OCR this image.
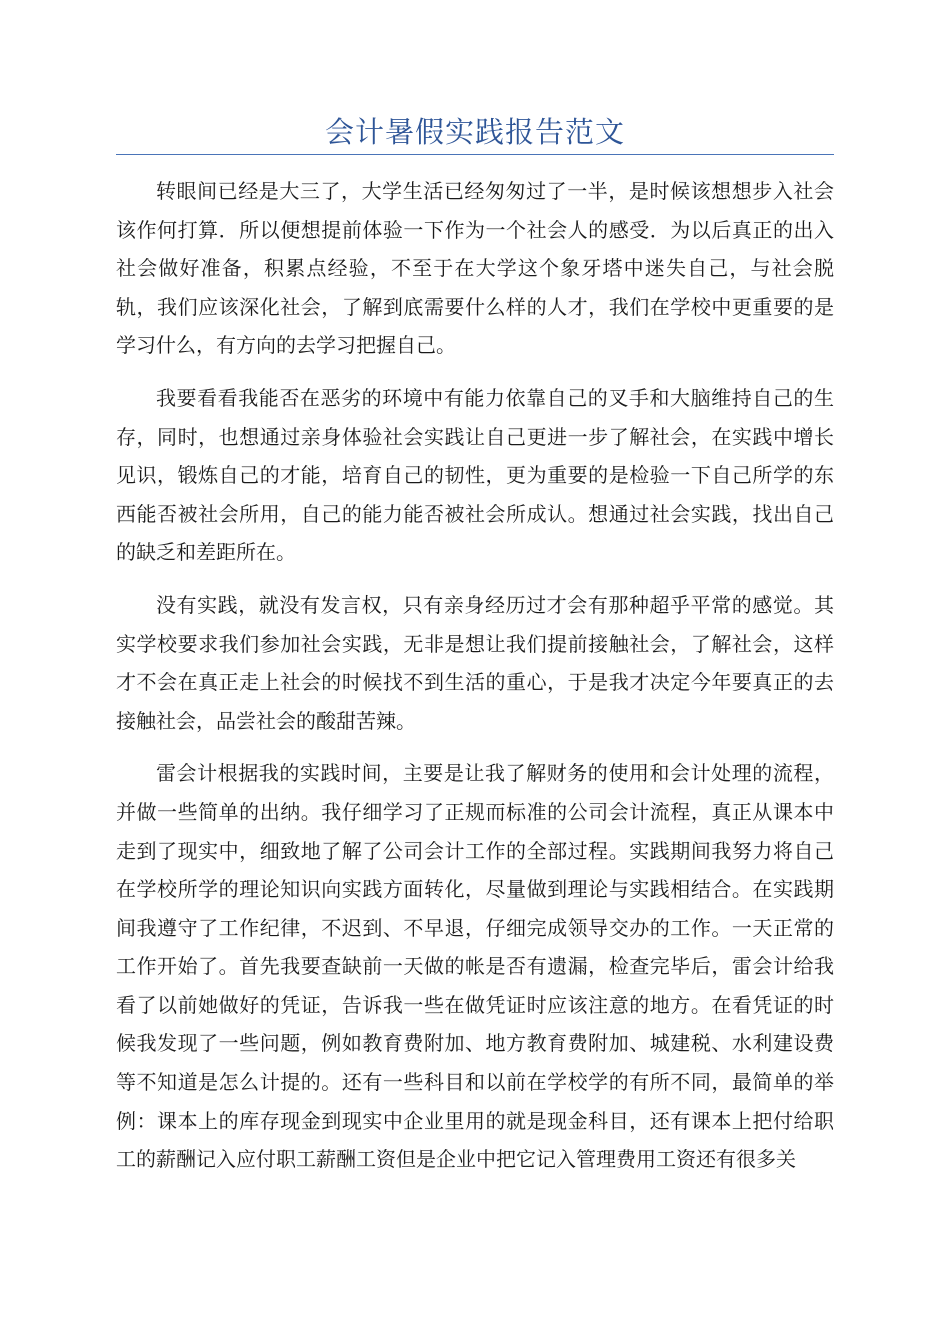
会计暑假实践报告范文

转眼间已经是大三了，大学生活已经匆匆过了一半，是时候该想想步入社会该作何打算．所以便想提前体验一下作为一个社会人的感受．为以后真正的出入社会做好准备，积累点经验，不至于在大学这个象牙塔中迷失自己，与社会脱轨，我们应该深化社会，了解到底需要什么样的人才，我们在学校中更重要的是学习什么，有方向的去学习把握自己。

我要看看我能否在恶劣的环境中有能力依靠自己的叉手和大脑维持自己的生存，同时，也想通过亲身体验社会实践让自己更进一步了解社会，在实践中增长见识，锻炼自己的才能，培育自己的韧性，更为重要的是检验一下自己所学的东西能否被社会所用，自己的能力能否被社会所成认。想通过社会实践，找出自己的缺乏和差距所在。

没有实践，就没有发言权，只有亲身经历过才会有那种超乎平常的感觉。其实学校要求我们参加社会实践，无非是想让我们提前接触社会，了解社会，这样才不会在真正走上社会的时候找不到生活的重心，于是我才决定今年要真正的去接触社会，品尝社会的酸甜苦辣。

雷会计根据我的实践时间，主要是让我了解财务的使用和会计处理的流程，并做一些简单的出纳。我仔细学习了正规而标准的公司会计流程，真正从课本中走到了现实中，细致地了解了公司会计工作的全部过程。实践期间我努力将自己在学校所学的理论知识向实践方面转化，尽量做到理论与实践相结合。在实践期间我遵守了工作纪律，不迟到、不早退，仔细完成领导交办的工作。一天正常的工作开始了。首先我要查缺前一天做的帐是否有遗漏，检查完毕后，雷会计给我看了以前她做好的凭证，告诉我一些在做凭证时应该注意的地方。在看凭证的时候我发现了一些问题，例如教育费附加、地方教育费附加、城建税、水利建设费等不知道是怎么计提的。还有一些科目和以前在学校学的有所不同，最简单的举例：课本上的库存现金到现实中企业里用的就是现金科目，还有课本上把付给职工的薪酬记入应付职工薪酬工资但是企业中把它记入管理费用工资还有很多关
